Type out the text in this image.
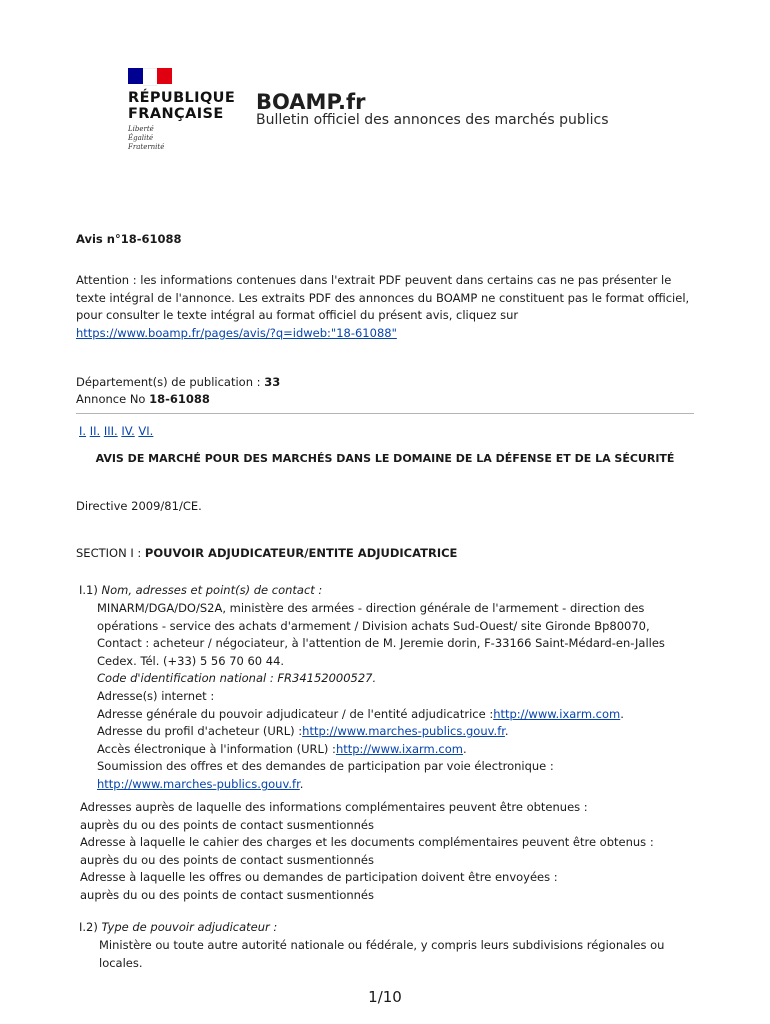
RÉPUBLIQUE
FRANÇAISE
Liberté
Égalité
Fraternité
BOAMP.fr
Bulletin officiel des annonces des marchés publics
Avis n°18-61088
Attention : les informations contenues dans l'extrait PDF peuvent dans certains cas ne pas présenter le texte intégral de l'annonce. Les extraits PDF des annonces du BOAMP ne constituent pas le format officiel, pour consulter le texte intégral au format officiel du présent avis, cliquez sur
https://www.boamp.fr/pages/avis/?q=idweb:"18-61088"
Département(s) de publication : 33
Annonce No 18-61088
I. II. III. IV. VI.
AVIS DE MARCHÉ POUR DES MARCHÉS DANS LE DOMAINE DE LA DÉFENSE ET DE LA SÉCURITÉ
Directive 2009/81/CE.
SECTION I : POUVOIR ADJUDICATEUR/ENTITE ADJUDICATRICE
I.1) Nom, adresses et point(s) de contact :
MINARM/DGA/DO/S2A, ministère des armées - direction générale de l'armement - direction des
opérations - service des achats d'armement / Division achats Sud-Ouest/ site Gironde Bp80070,
Contact : acheteur / négociateur, à l'attention de M. Jeremie dorin, F-33166 Saint-Médard-en-Jalles
Cedex. Tél. (+33) 5 56 70 60 44.
Code d'identification national : FR34152000527.
Adresse(s) internet :
Adresse générale du pouvoir adjudicateur / de l'entité adjudicatrice :http://www.ixarm.com.
Adresse du profil d'acheteur (URL) :http://www.marches-publics.gouv.fr.
Accès électronique à l'information (URL) :http://www.ixarm.com.
Soumission des offres et des demandes de participation par voie électronique :
http://www.marches-publics.gouv.fr.
Adresses auprès de laquelle des informations complémentaires peuvent être obtenues :
auprès du ou des points de contact susmentionnés
Adresse à laquelle le cahier des charges et les documents complémentaires peuvent être obtenus :
auprès du ou des points de contact susmentionnés
Adresse à laquelle les offres ou demandes de participation doivent être envoyées :
auprès du ou des points de contact susmentionnés
I.2) Type de pouvoir adjudicateur :
Ministère ou toute autre autorité nationale ou fédérale, y compris leurs subdivisions régionales ou
locales.
1/10
